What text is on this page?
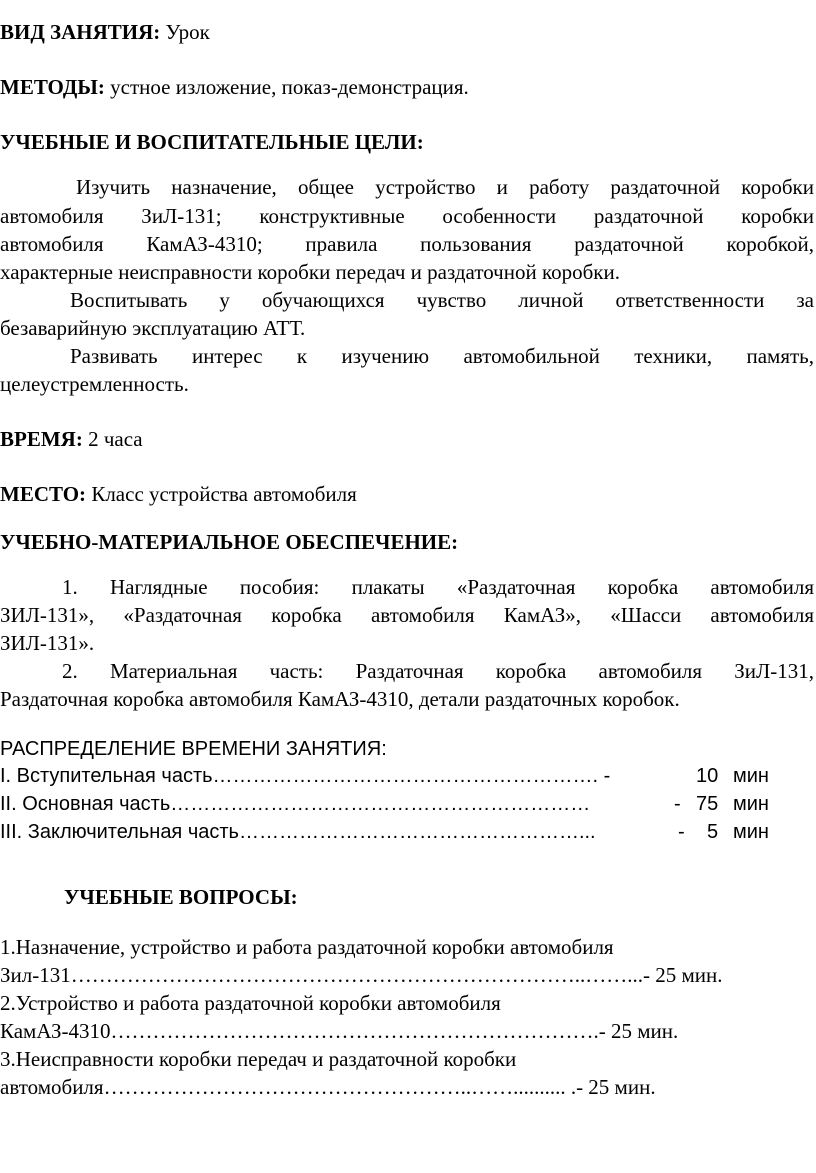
ВИД ЗАНЯТИЯ: Урок
МЕТОДЫ: устное изложение, показ-демонстрация.
УЧЕБНЫЕ И ВОСПИТАТЕЛЬНЫЕ ЦЕЛИ:
Изучить назначение, общее устройство и работу раздаточной коробки
автомобиля ЗиЛ-131; конструктивные особенности раздаточной коробки
автомобиля КамАЗ-4310; правила пользования раздаточной коробкой,
характерные неисправности коробки передач и раздаточной коробки.
Воспитывать у обучающихся чувство личной ответственности за
безаварийную эксплуатацию АТТ.
Развивать интерес к изучению автомобильной техники, память,
целеустремленность.
ВРЕМЯ: 2 часа
МЕСТО: Класс устройства автомобиля
УЧЕБНО-МАТЕРИАЛЬНОЕ ОБЕСПЕЧЕНИЕ:
1. Наглядные пособия: плакаты «Раздаточная коробка автомобиля
ЗИЛ-131», «Раздаточная коробка автомобиля КамАЗ», «Шасси автомобиля
ЗИЛ-131».
2. Материальная часть: Раздаточная коробка автомобиля ЗиЛ-131,
Раздаточная коробка автомобиля КамАЗ-4310, детали раздаточных коробок.
РАСПРЕДЕЛЕНИЕ ВРЕМЕНИ ЗАНЯТИЯ:
I. Вступительная часть…………………………………………………. -	10 мин
II. Основная часть………………………………………………………	- 75 мин
III. Заключительная часть……………………………………………...	- 5 мин
УЧЕБНЫЕ ВОПРОСЫ:
1.Назначение, устройство и работа раздаточной коробки автомобиля
Зил-131………………………………………………………………..……...- 25 мин.
2.Устройство и работа раздаточной коробки автомобиля
КамАЗ-4310…………………………………………………………….- 25 мин.
3.Неисправности коробки передач и раздаточной коробки
автомобиля……………………………………………..…….......... .- 25 мин.
